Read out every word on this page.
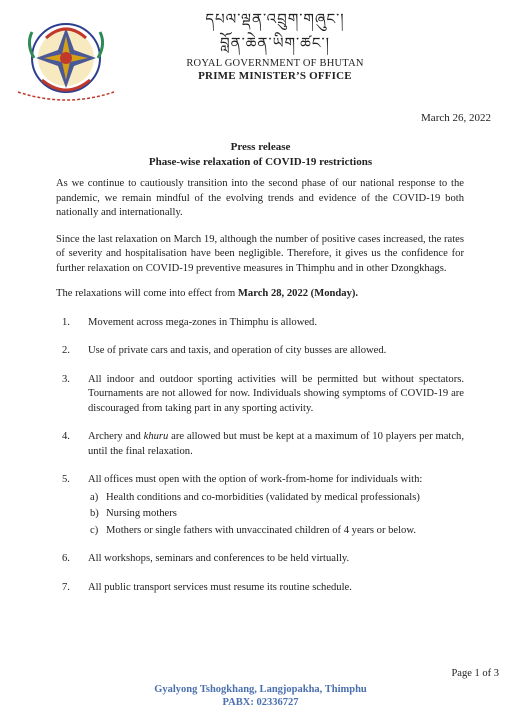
དཔལ་ལྡན་འབྲུག་གཞུང་།
བློན་ཆེན་ཡིག་ཚང་།
ROYAL GOVERNMENT OF BHUTAN
PRIME MINISTER’S OFFICE
March 26, 2022
Press release
Phase-wise relaxation of COVID-19 restrictions

As we continue to cautiously transition into the second phase of our national response to the pandemic, we remain mindful of the evolving trends and evidence of the COVID-19 both nationally and internationally.

Since the last relaxation on March 19, although the number of positive cases increased, the rates of severity and hospitalisation have been negligible. Therefore, it gives us the confidence for further relaxation on COVID-19 preventive measures in Thimphu and in other Dzongkhags.

The relaxations will come into effect from March 28, 2022 (Monday).

1. Movement across mega-zones in Thimphu is allowed.
2. Use of private cars and taxis, and operation of city busses are allowed.
3. All indoor and outdoor sporting activities will be permitted but without spectators. Tournaments are not allowed for now. Individuals showing symptoms of COVID-19 are discouraged from taking part in any sporting activity.
4. Archery and khuru are allowed but must be kept at a maximum of 10 players per match, until the final relaxation.
5. All offices must open with the option of work-from-home for individuals with:
a) Health conditions and co-morbidities (validated by medical professionals)
b) Nursing mothers
c) Mothers or single fathers with unvaccinated children of 4 years or below.
6. All workshops, seminars and conferences to be held virtually.
7. All public transport services must resume its routine schedule.
Page 1 of 3
Gyalyong Tshogkhang, Langjopakha, Thimphu
PABX: 02336727
